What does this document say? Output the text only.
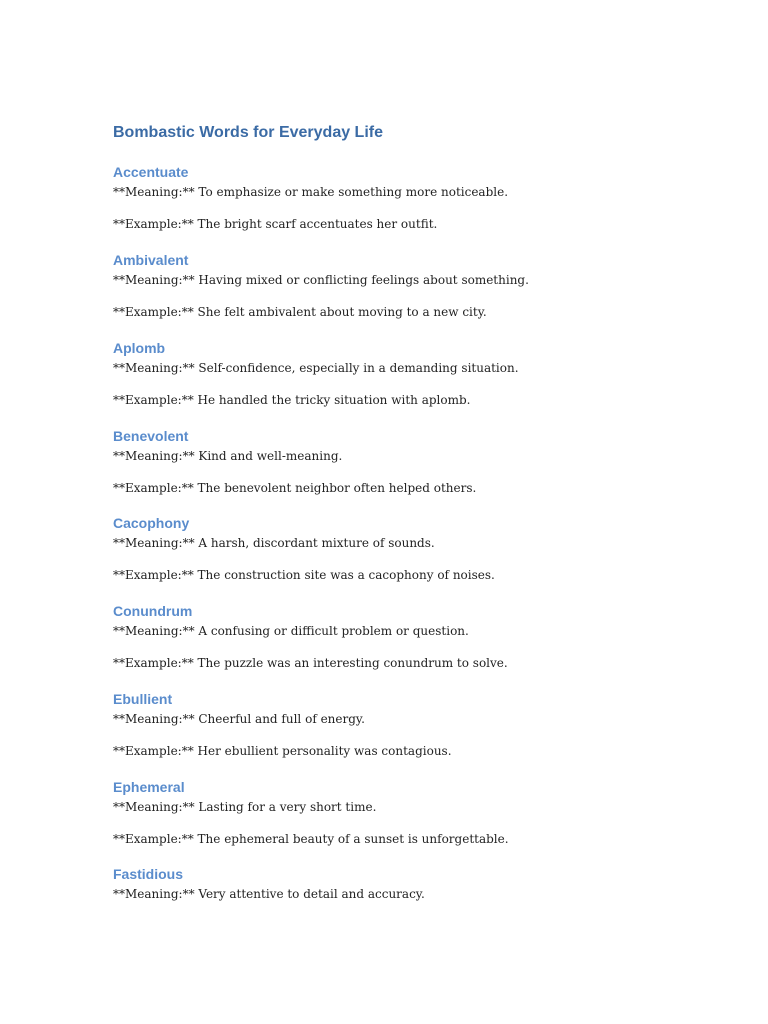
Bombastic Words for Everyday Life

Accentuate

**Meaning:** To emphasize or make something more noticeable.

**Example:** The bright scarf accentuates her outfit.

Ambivalent

**Meaning:** Having mixed or conflicting feelings about something.

**Example:** She felt ambivalent about moving to a new city.

Aplomb

**Meaning:** Self-confidence, especially in a demanding situation.

**Example:** He handled the tricky situation with aplomb.

Benevolent

**Meaning:** Kind and well-meaning.

**Example:** The benevolent neighbor often helped others.

Cacophony

**Meaning:** A harsh, discordant mixture of sounds.

**Example:** The construction site was a cacophony of noises.

Conundrum

**Meaning:** A confusing or difficult problem or question.

**Example:** The puzzle was an interesting conundrum to solve.

Ebullient

**Meaning:** Cheerful and full of energy.

**Example:** Her ebullient personality was contagious.

Ephemeral

**Meaning:** Lasting for a very short time.

**Example:** The ephemeral beauty of a sunset is unforgettable.

Fastidious

**Meaning:** Very attentive to detail and accuracy.
